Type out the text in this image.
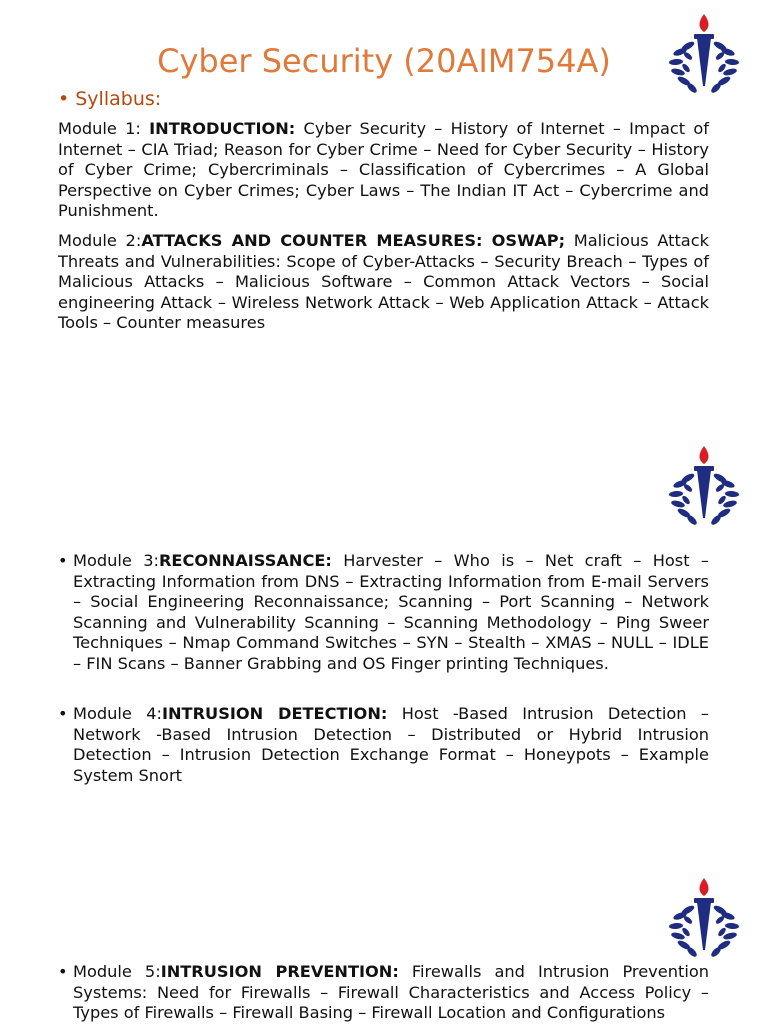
Cyber Security (20AIM754A)
• Syllabus:
Module 1: INTRODUCTION: Cyber Security – History of Internet – Impact of Internet – CIA Triad; Reason for Cyber Crime – Need for Cyber Security – History of Cyber Crime; Cybercriminals – Classification of Cybercrimes – A Global Perspective on Cyber Crimes; Cyber Laws – The Indian IT Act – Cybercrime and Punishment.
Module 2:ATTACKS AND COUNTER MEASURES: OSWAP; Malicious Attack Threats and Vulnerabilities: Scope of Cyber-Attacks – Security Breach – Types of Malicious Attacks – Malicious Software – Common Attack Vectors – Social engineering Attack – Wireless Network Attack – Web Application Attack – Attack Tools – Counter measures
• Module 3:RECONNAISSANCE: Harvester – Who is – Net craft – Host – Extracting Information from DNS – Extracting Information from E-mail Servers – Social Engineering Reconnaissance; Scanning – Port Scanning – Network Scanning and Vulnerability Scanning – Scanning Methodology – Ping Sweer Techniques – Nmap Command Switches – SYN – Stealth – XMAS – NULL – IDLE – FIN Scans – Banner Grabbing and OS Finger printing Techniques.
• Module 4:INTRUSION DETECTION: Host -Based Intrusion Detection – Network -Based Intrusion Detection – Distributed or Hybrid Intrusion Detection – Intrusion Detection Exchange Format – Honeypots – Example System Snort
• Module 5:INTRUSION PREVENTION: Firewalls and Intrusion Prevention Systems: Need for Firewalls – Firewall Characteristics and Access Policy – Types of Firewalls – Firewall Basing – Firewall Location and Configurations
